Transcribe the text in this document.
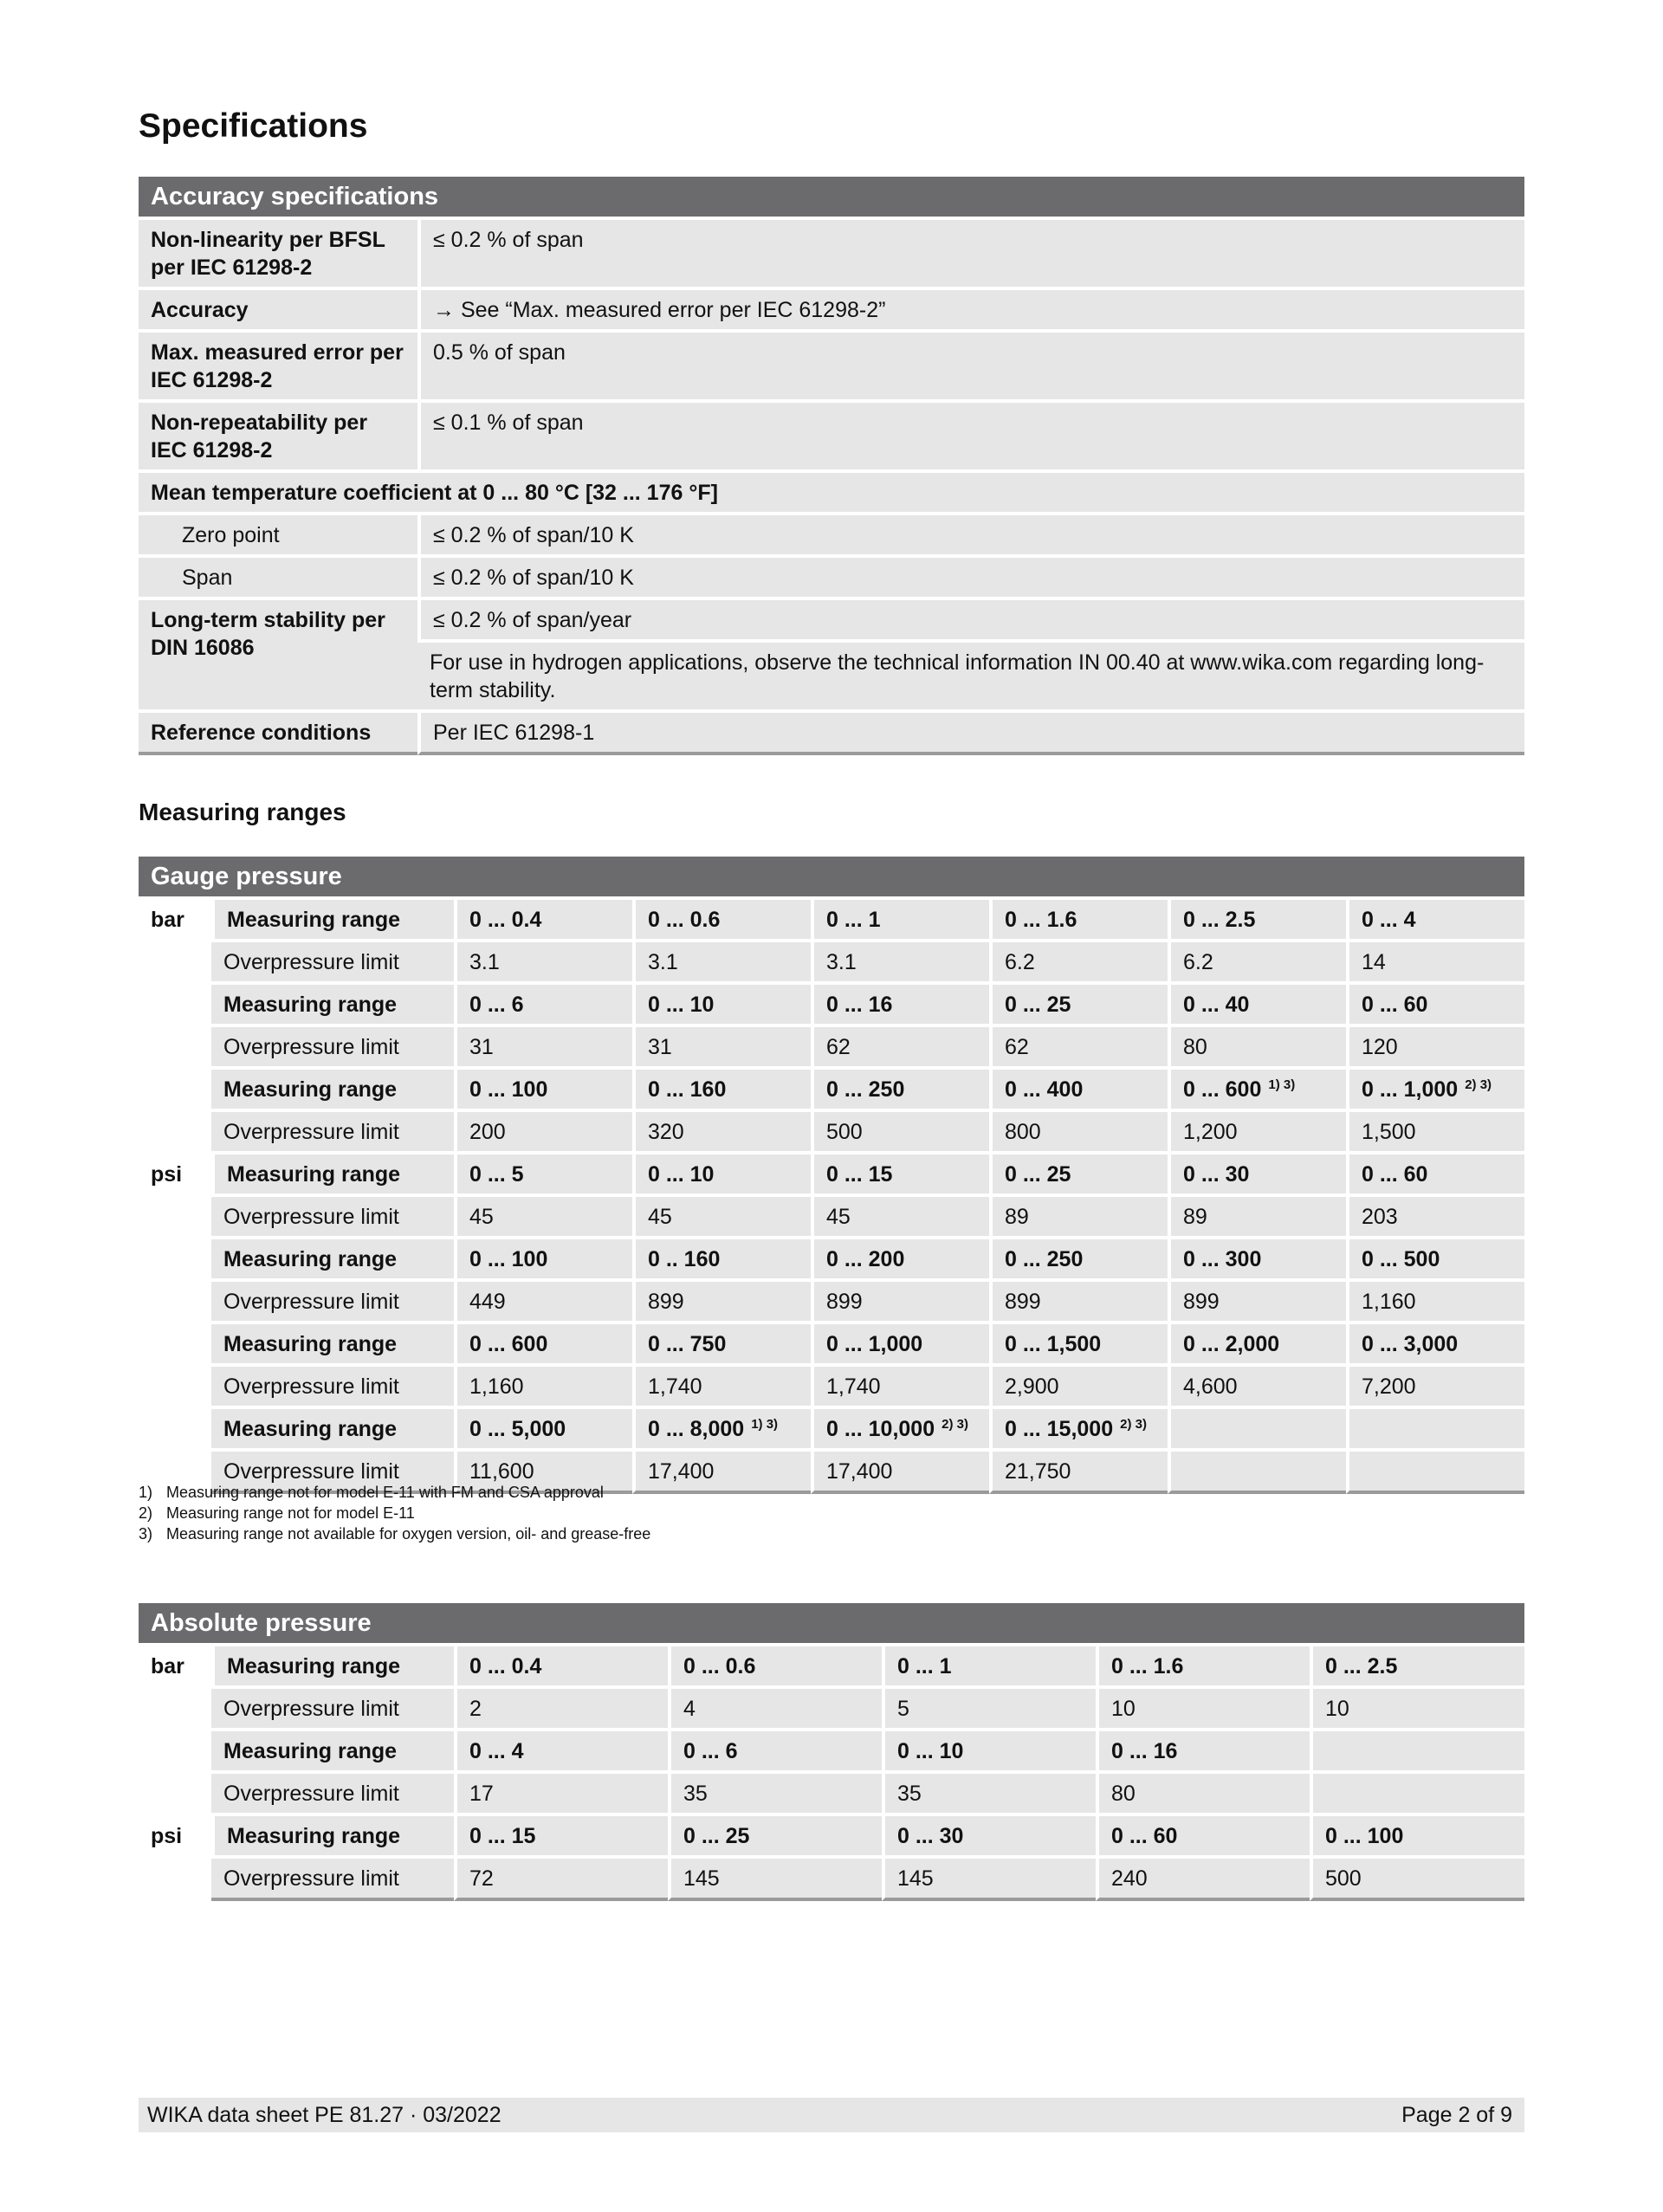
Specifications
Accuracy specifications	
Non-linearity per BFSL per IEC 61298-2	≤ 0.2 % of span
Accuracy	→ See “Max. measured error per IEC 61298-2”
Max. measured error per IEC 61298-2	0.5 % of span
Non-repeatability per IEC 61298-2	≤ 0.1 % of span
Mean temperature coefficient at 0 ... 80 °C [32 ... 176 °F]	
Zero point	≤ 0.2 % of span/10 K
Span	≤ 0.2 % of span/10 K
Long-term stability per DIN 16086	≤ 0.2 % of span/year
	For use in hydrogen applications, observe the technical information IN 00.40 at www.wika.com regarding long-term stability.
Reference conditions	Per IEC 61298-1
Measuring ranges
Gauge pressure							
bar	Measuring range	0 ... 0.4	0 ... 0.6	0 ... 1	0 ... 1.6	0 ... 2.5	0 ... 4
	Overpressure limit	3.1	3.1	3.1	6.2	6.2	14
	Measuring range	0 ... 6	0 ... 10	0 ... 16	0 ... 25	0 ... 40	0 ... 60
	Overpressure limit	31	31	62	62	80	120
	Measuring range	0 ... 100	0 ... 160	0 ... 250	0 ... 400	0 ... 600 $^{1) 3)}$	0 ... 1,000 $^{2) 3)}$
	Overpressure limit	200	320	500	800	1,200	1,500
psi	Measuring range	0 ... 5	0 ... 10	0 ... 15	0 ... 25	0 ... 30	0 ... 60
	Overpressure limit	45	45	45	89	89	203
	Measuring range	0 ... 100	0 .. 160	0 ... 200	0 ... 250	0 ... 300	0 ... 500
	Overpressure limit	449	899	899	899	899	1,160
	Measuring range	0 ... 600	0 ... 750	0 ... 1,000	0 ... 1,500	0 ... 2,000	0 ... 3,000
	Overpressure limit	1,160	1,740	1,740	2,900	4,600	7,200
	Measuring range	0 ... 5,000	0 ... 8,000 $^{1) 3)}$	0 ... 10,000 $^{2) 3)}$	0 ... 15,000 $^{2) 3)}$		
	Overpressure limit	11,600	17,400	17,400	21,750		
1) Measuring range not for model E-11 with FM and CSA approval
2) Measuring range not for model E-11
3) Measuring range not available for oxygen version, oil- and grease-free
Absolute pressure						
bar	Measuring range	0 ... 0.4	0 ... 0.6	0 ... 1	0 ... 1.6	0 ... 2.5
	Overpressure limit	2	4	5	10	10
	Measuring range	0 ... 4	0 ... 6	0 ... 10	0 ... 16	
	Overpressure limit	17	35	35	80	
psi	Measuring range	0 ... 15	0 ... 25	0 ... 30	0 ... 60	0 ... 100
	Overpressure limit	72	145	145	240	500
WIKA data sheet PE 81.27 · 03/2022	Page 2 of 9
